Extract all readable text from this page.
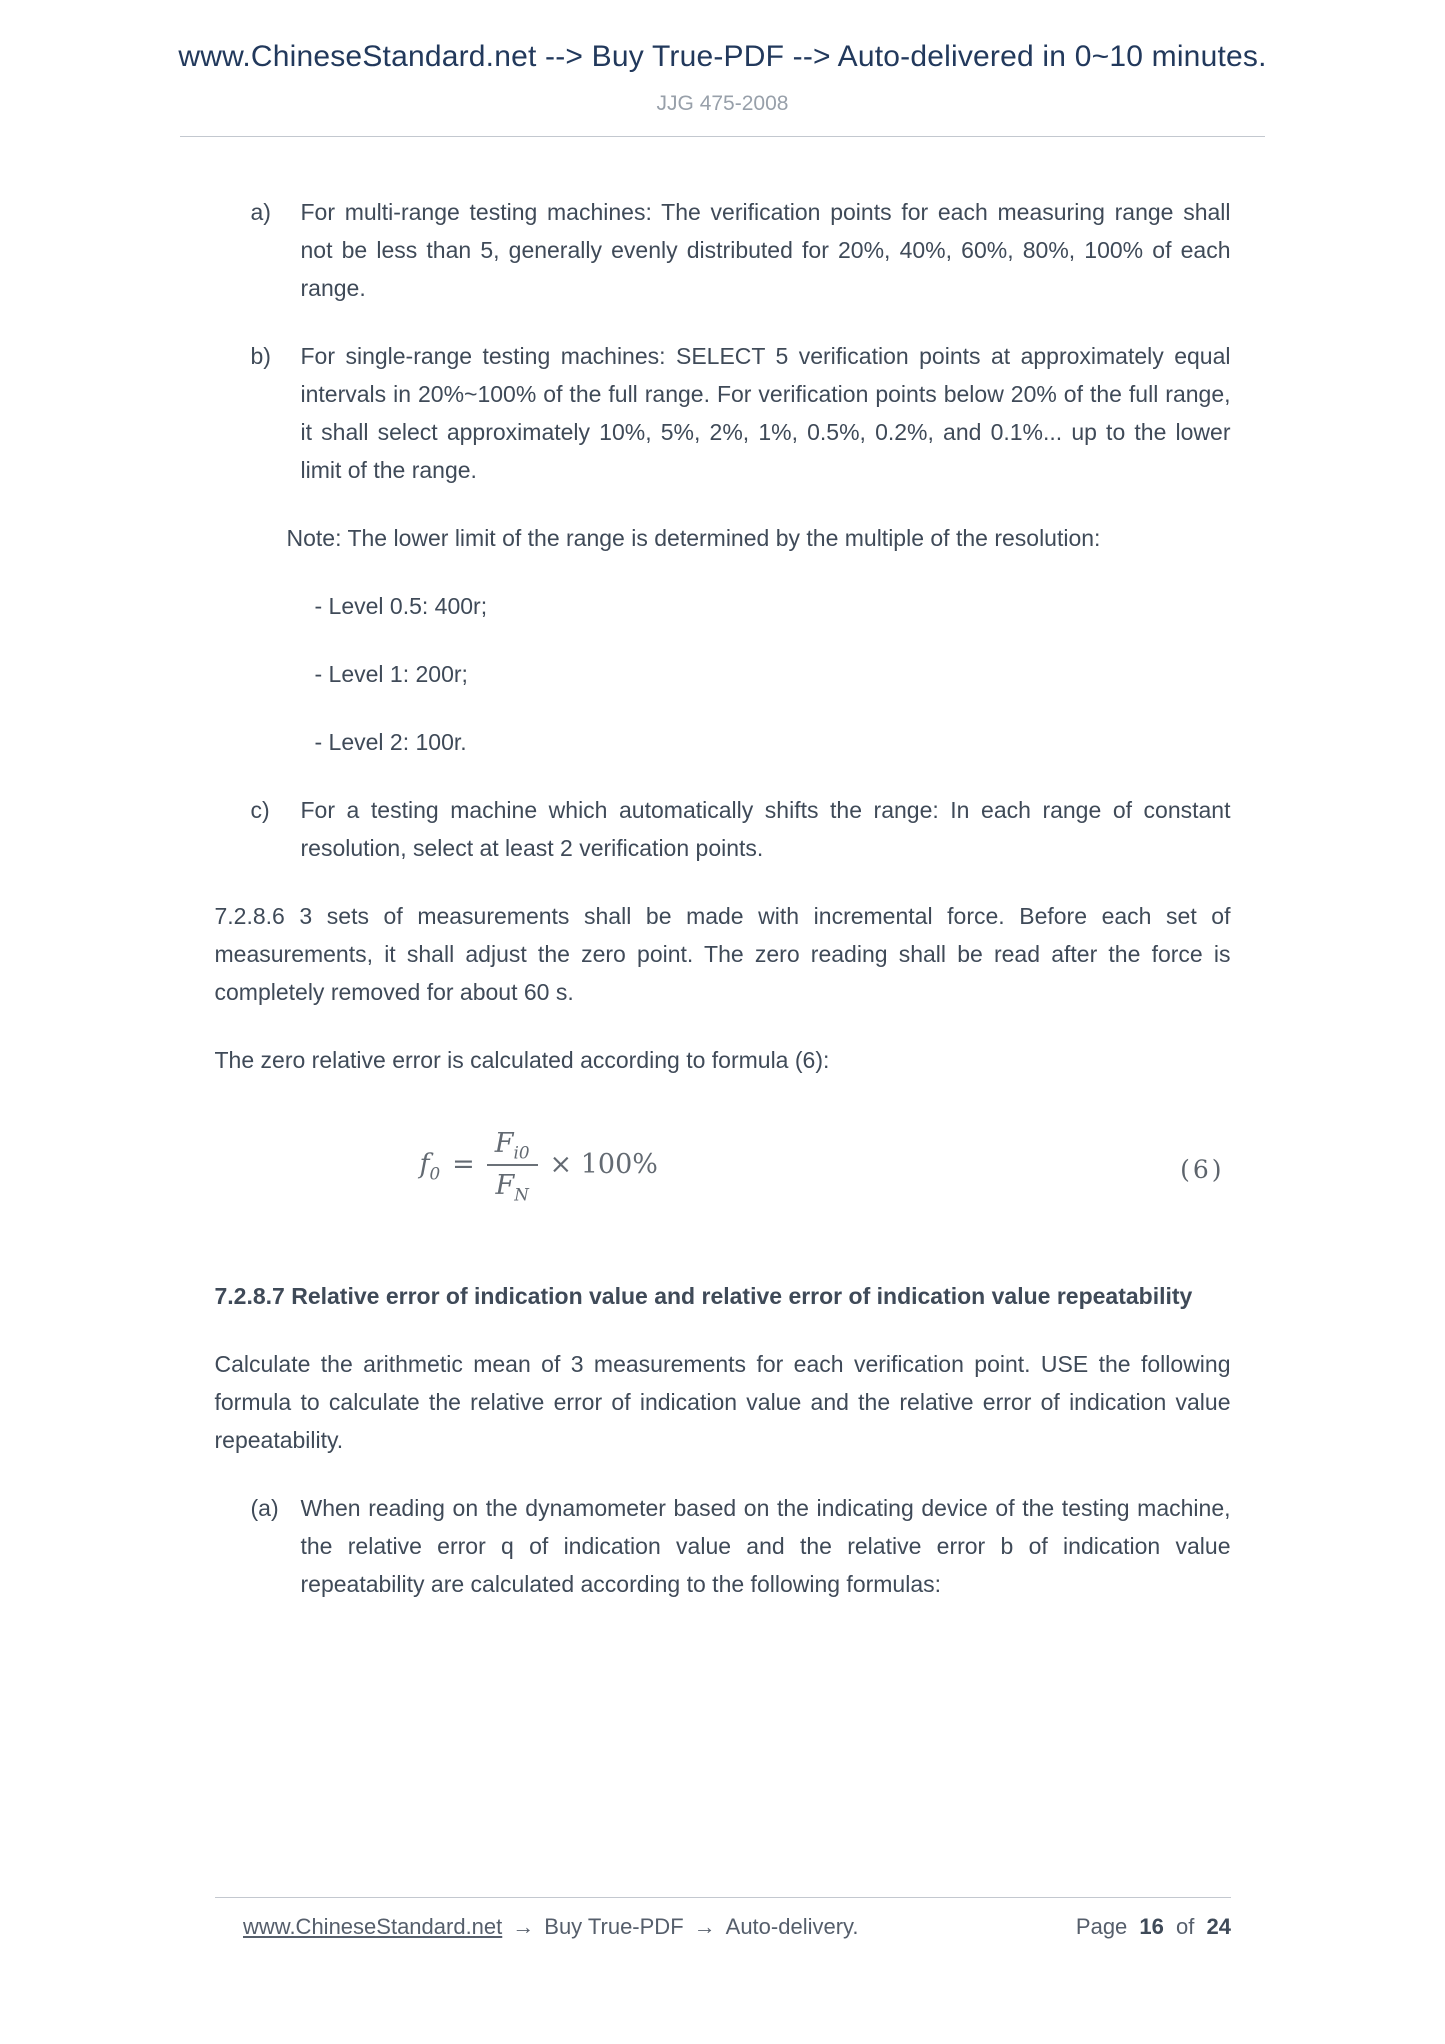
www.ChineseStandard.net --> Buy True-PDF --> Auto-delivered in 0~10 minutes.
JJG 475-2008

a)	For multi-range testing machines: The verification points for each measuring range shall not be less than 5, generally evenly distributed for 20%, 40%, 60%, 80%, 100% of each range.

b)	For single-range testing machines: SELECT 5 verification points at approximately equal intervals in 20%~100% of the full range. For verification points below 20% of the full range, it shall select approximately 10%, 5%, 2%, 1%, 0.5%, 0.2%, and 0.1%... up to the lower limit of the range.

Note: The lower limit of the range is determined by the multiple of the resolution:

- Level 0.5: 400r;

- Level 1: 200r;

- Level 2: 100r.

c)	For a testing machine which automatically shifts the range: In each range of constant resolution, select at least 2 verification points.

7.2.8.6 3 sets of measurements shall be made with incremental force. Before each set of measurements, it shall adjust the zero point. The zero reading shall be read after the force is completely removed for about 60 s.

The zero relative error is calculated according to formula (6):

$f_0 = \frac{F_{i0}}{F_N} \times 100\%$	(6)

7.2.8.7 Relative error of indication value and relative error of indication value repeatability

Calculate the arithmetic mean of 3 measurements for each verification point. USE the following formula to calculate the relative error of indication value and the relative error of indication value repeatability.

(a) When reading on the dynamometer based on the indicating device of the testing machine, the relative error q of indication value and the relative error b of indication value repeatability are calculated according to the following formulas:

www.ChineseStandard.net → Buy True-PDF → Auto-delivery.	Page 16 of 24
